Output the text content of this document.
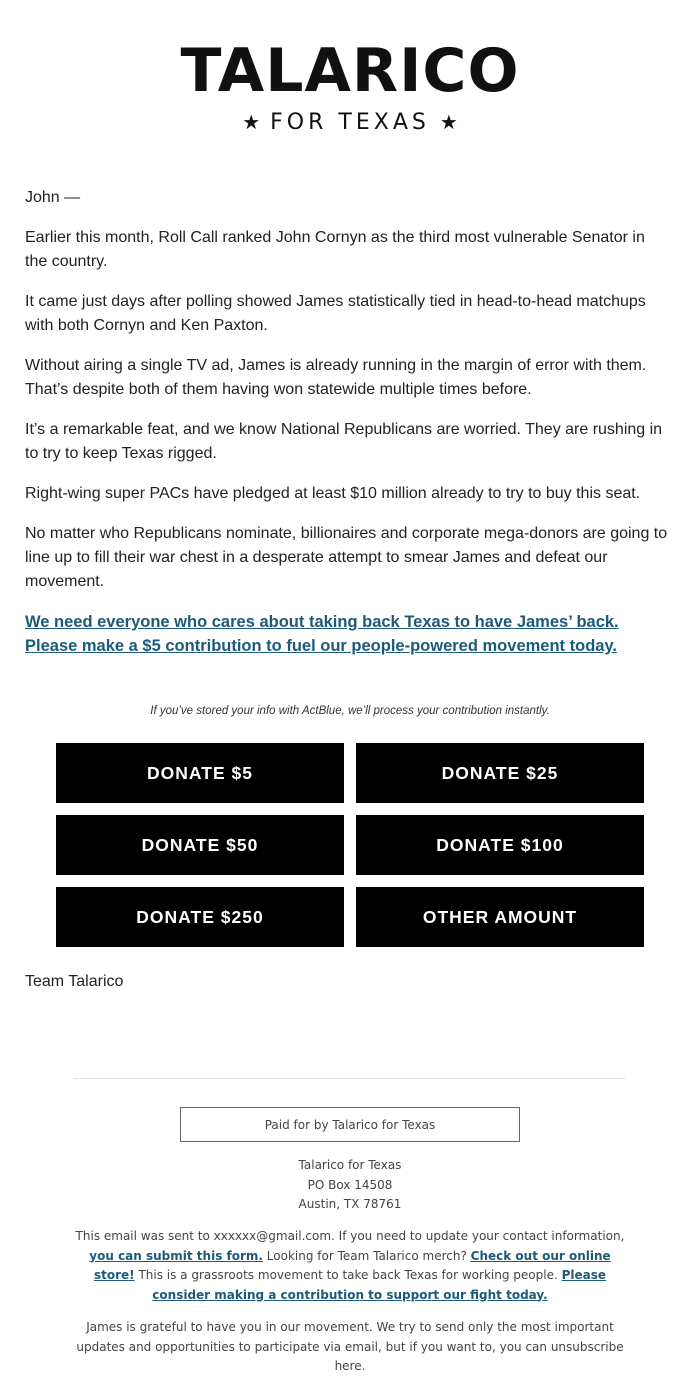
TALARICO
★ FOR TEXAS ★

John —

Earlier this month, Roll Call ranked John Cornyn as the third most vulnerable Senator in the country.

It came just days after polling showed James statistically tied in head-to-head matchups with both Cornyn and Ken Paxton.

Without airing a single TV ad, James is already running in the margin of error with them. That’s despite both of them having won statewide multiple times before.

It’s a remarkable feat, and we know National Republicans are worried. They are rushing in to try to keep Texas rigged.

Right-wing super PACs have pledged at least $10 million already to try to buy this seat.

No matter who Republicans nominate, billionaires and corporate mega-donors are going to line up to fill their war chest in a desperate attempt to smear James and defeat our movement.

We need everyone who cares about taking back Texas to have James’ back. Please make a $5 contribution to fuel our people-powered movement today.

If you’ve stored your info with ActBlue, we’ll process your contribution instantly.
DONATE $5	DONATE $25
DONATE $50	DONATE $100
DONATE $250	OTHER AMOUNT
Team Talarico
Paid for by Talarico for Texas
Talarico for Texas
PO Box 14508
Austin, TX 78761
This email was sent to xxxxxx@gmail.com. If you need to update your contact information, you can submit this form. Looking for Team Talarico merch? Check out our online store! This is a grassroots movement to take back Texas for working people. Please consider making a contribution to support our fight today.
James is grateful to have you in our movement. We try to send only the most important updates and opportunities to participate via email, but if you want to, you can unsubscribe here.
